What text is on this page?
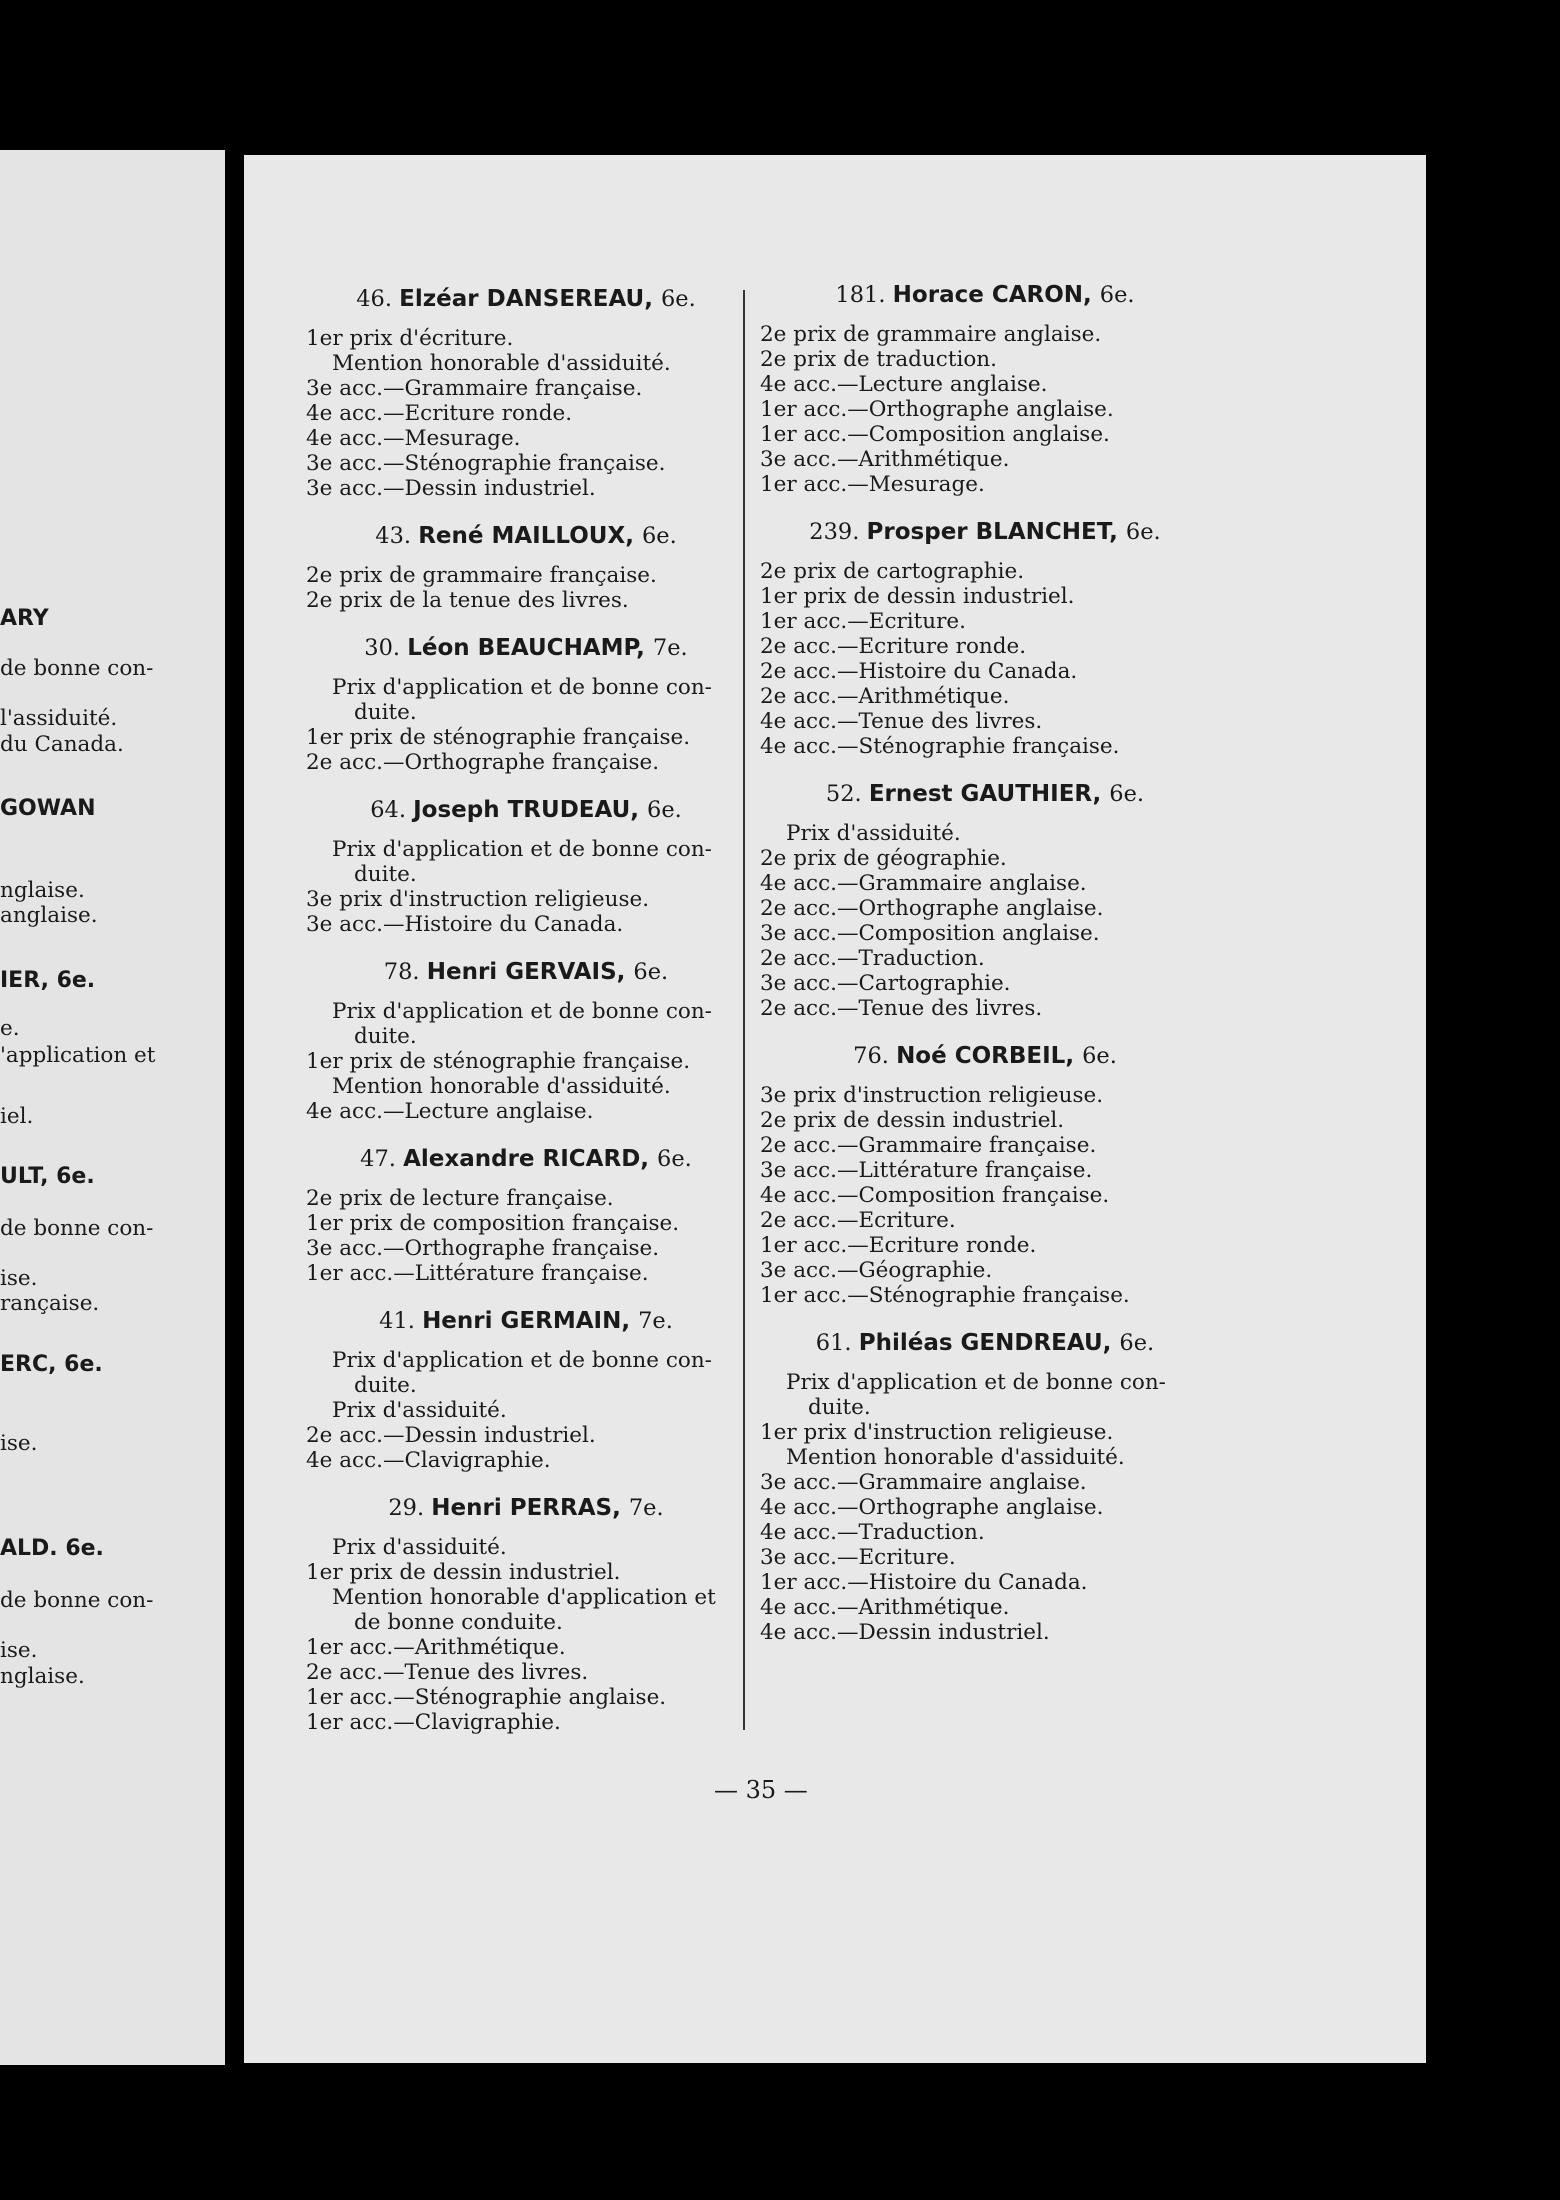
ARY
de bonne con-
l'assiduité.
du Canada.
GOWAN
nglaise.
anglaise.
IER, 6e.
e.
'application et
iel.
ULT, 6e.
de bonne con-
ise.
rançaise.
ERC, 6e.
ise.
ALD. 6e.
de bonne con-
ise.
nglaise.
46. Elzéar DANSEREAU, 6e.
1er prix d'écriture.
Mention honorable d'assiduité.
3e acc.—Grammaire française.
4e acc.—Ecriture ronde.
4e acc.—Mesurage.
3e acc.—Sténographie française.
3e acc.—Dessin industriel.
43. René MAILLOUX, 6e.
2e prix de grammaire française.
2e prix de la tenue des livres.
30. Léon BEAUCHAMP, 7e.
Prix d'application et de bonne con-
duite.
1er prix de sténographie française.
2e acc.—Orthographe française.
64. Joseph TRUDEAU, 6e.
Prix d'application et de bonne con-
duite.
3e prix d'instruction religieuse.
3e acc.—Histoire du Canada.
78. Henri GERVAIS, 6e.
Prix d'application et de bonne con-
duite.
1er prix de sténographie française.
Mention honorable d'assiduité.
4e acc.—Lecture anglaise.
47. Alexandre RICARD, 6e.
2e prix de lecture française.
1er prix de composition française.
3e acc.—Orthographe française.
1er acc.—Littérature française.
41. Henri GERMAIN, 7e.
Prix d'application et de bonne con-
duite.
Prix d'assiduité.
2e acc.—Dessin industriel.
4e acc.—Clavigraphie.
29. Henri PERRAS, 7e.
Prix d'assiduité.
1er prix de dessin industriel.
Mention honorable d'application et
de bonne conduite.
1er acc.—Arithmétique.
2e acc.—Tenue des livres.
1er acc.—Sténographie anglaise.
1er acc.—Clavigraphie.
181. Horace CARON, 6e.
2e prix de grammaire anglaise.
2e prix de traduction.
4e acc.—Lecture anglaise.
1er acc.—Orthographe anglaise.
1er acc.—Composition anglaise.
3e acc.—Arithmétique.
1er acc.—Mesurage.
239. Prosper BLANCHET, 6e.
2e prix de cartographie.
1er prix de dessin industriel.
1er acc.—Ecriture.
2e acc.—Ecriture ronde.
2e acc.—Histoire du Canada.
2e acc.—Arithmétique.
4e acc.—Tenue des livres.
4e acc.—Sténographie française.
52. Ernest GAUTHIER, 6e.
Prix d'assiduité.
2e prix de géographie.
4e acc.—Grammaire anglaise.
2e acc.—Orthographe anglaise.
3e acc.—Composition anglaise.
2e acc.—Traduction.
3e acc.—Cartographie.
2e acc.—Tenue des livres.
76. Noé CORBEIL, 6e.
3e prix d'instruction religieuse.
2e prix de dessin industriel.
2e acc.—Grammaire française.
3e acc.—Littérature française.
4e acc.—Composition française.
2e acc.—Ecriture.
1er acc.—Ecriture ronde.
3e acc.—Géographie.
1er acc.—Sténographie française.
61. Philéas GENDREAU, 6e.
Prix d'application et de bonne con-
duite.
1er prix d'instruction religieuse.
Mention honorable d'assiduité.
3e acc.—Grammaire anglaise.
4e acc.—Orthographe anglaise.
4e acc.—Traduction.
3e acc.—Ecriture.
1er acc.—Histoire du Canada.
4e acc.—Arithmétique.
4e acc.—Dessin industriel.
— 35 —
